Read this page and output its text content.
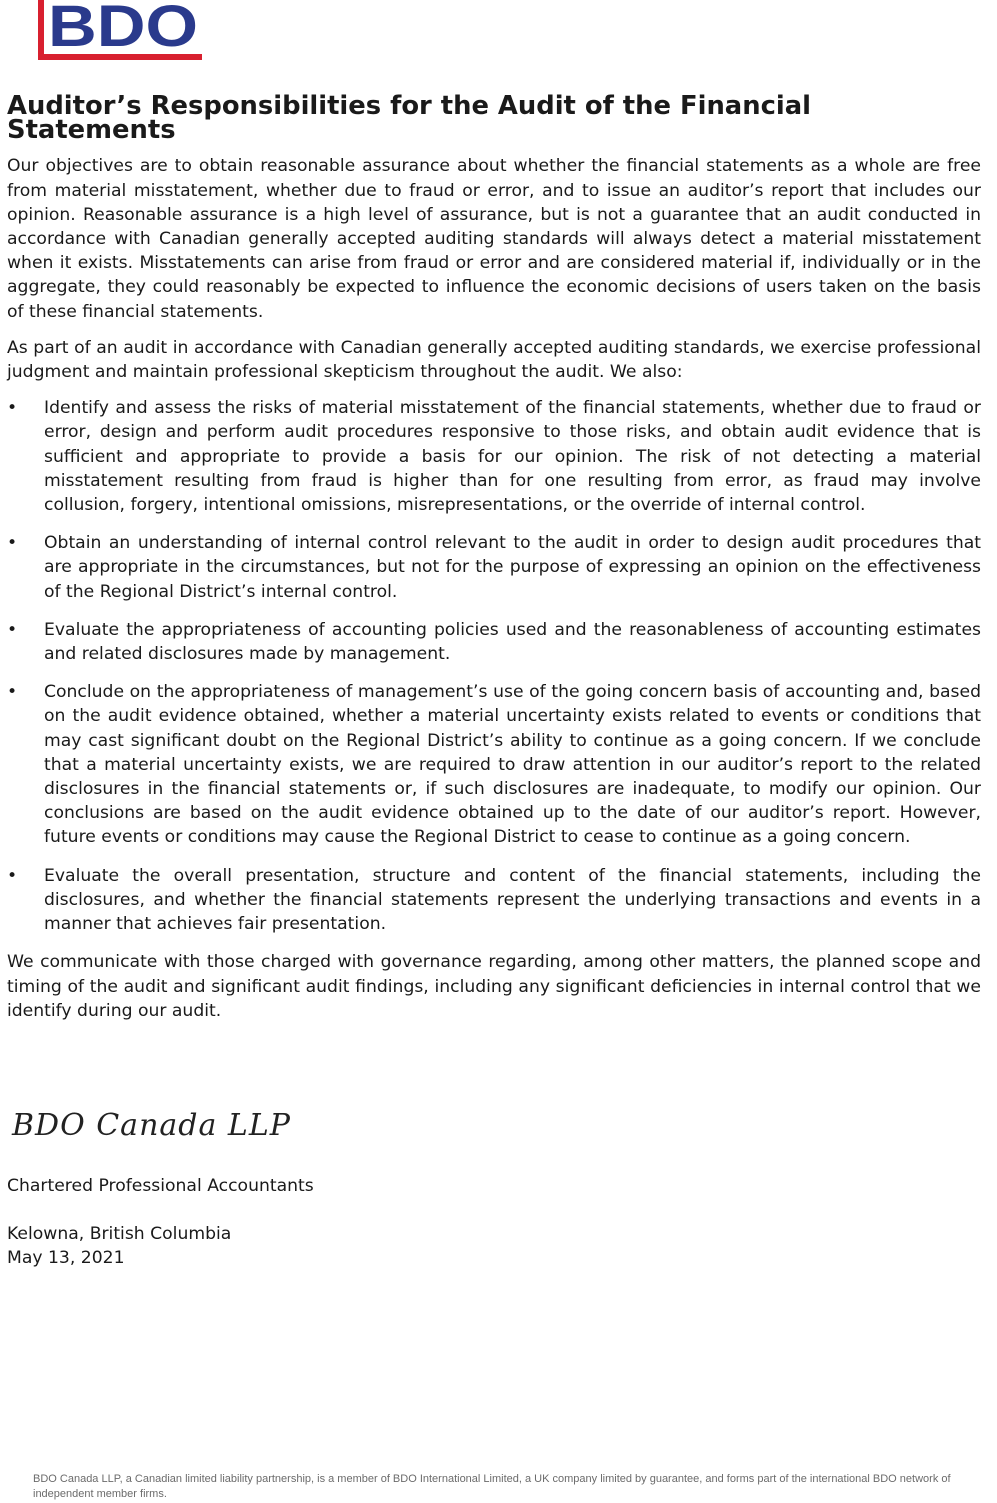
BDO
Auditor’s Responsibilities for the Audit of the Financial Statements

Our objectives are to obtain reasonable assurance about whether the financial statements as a whole are free from material misstatement, whether due to fraud or error, and to issue an auditor’s report that includes our opinion. Reasonable assurance is a high level of assurance, but is not a guarantee that an audit conducted in accordance with Canadian generally accepted auditing standards will always detect a material misstatement when it exists. Misstatements can arise from fraud or error and are considered material if, individually or in the aggregate, they could reasonably be expected to influence the economic decisions of users taken on the basis of these financial statements.

As part of an audit in accordance with Canadian generally accepted auditing standards, we exercise professional judgment and maintain professional skepticism throughout the audit. We also:

•	Identify and assess the risks of material misstatement of the financial statements, whether due to fraud or error, design and perform audit procedures responsive to those risks, and obtain audit evidence that is sufficient and appropriate to provide a basis for our opinion. The risk of not detecting a material misstatement resulting from fraud is higher than for one resulting from error, as fraud may involve collusion, forgery, intentional omissions, misrepresentations, or the override of internal control.
•	Obtain an understanding of internal control relevant to the audit in order to design audit procedures that are appropriate in the circumstances, but not for the purpose of expressing an opinion on the effectiveness of the Regional District’s internal control.
•	Evaluate the appropriateness of accounting policies used and the reasonableness of accounting estimates and related disclosures made by management.
•	Conclude on the appropriateness of management’s use of the going concern basis of accounting and, based on the audit evidence obtained, whether a material uncertainty exists related to events or conditions that may cast significant doubt on the Regional District’s ability to continue as a going concern. If we conclude that a material uncertainty exists, we are required to draw attention in our auditor’s report to the related disclosures in the financial statements or, if such disclosures are inadequate, to modify our opinion. Our conclusions are based on the audit evidence obtained up to the date of our auditor’s report. However, future events or conditions may cause the Regional District to cease to continue as a going concern.
•	Evaluate the overall presentation, structure and content of the financial statements, including the disclosures, and whether the financial statements represent the underlying transactions and events in a manner that achieves fair presentation.

We communicate with those charged with governance regarding, among other matters, the planned scope and timing of the audit and significant audit findings, including any significant deficiencies in internal control that we identify during our audit.

BDO Canada LLP
Chartered Professional Accountants
Kelowna, British Columbia
May 13, 2021
BDO Canada LLP, a Canadian limited liability partnership, is a member of BDO International Limited, a UK company limited by guarantee, and forms part of the international BDO network of independent member firms.
